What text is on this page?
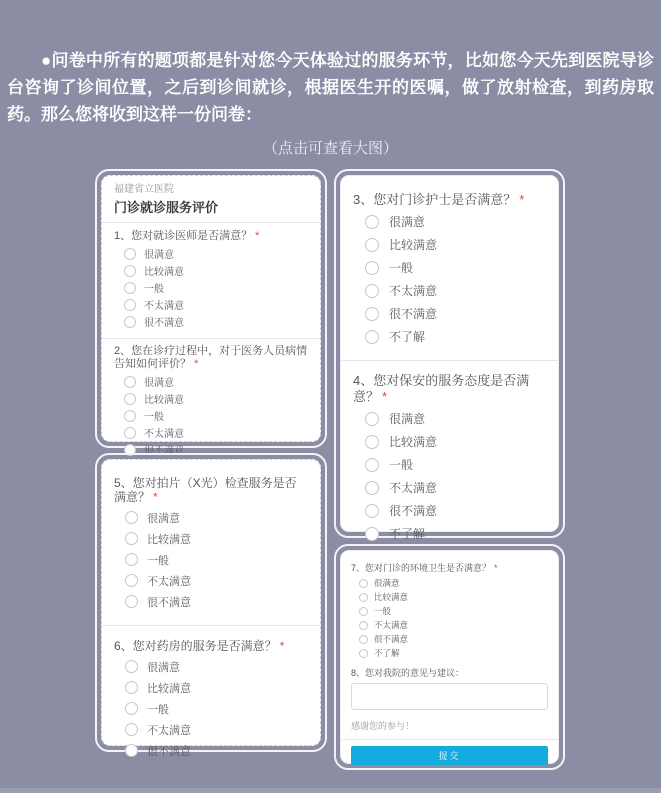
●问卷中所有的题项都是针对您今天体验过的服务环节，比如您今天先到医院导诊台咨询了诊间位置，之后到诊间就诊，根据医生开的医嘱，做了放射检查，到药房取药。那么您将收到这样一份问卷：

（点击可查看大图）
福建省立医院
门诊就诊服务评价
1、您对就诊医师是否满意？ *
很满意
比较满意
一般
不太满意
很不满意
2、您在诊疗过程中，对于医务人员病情告知如何评价？ *
很满意
比较满意
一般
不太满意
很不满意
3、您对门诊护士是否满意？ *
很满意
比较满意
一般
不太满意
很不满意
不了解
4、您对保安的服务态度是否满意？ *
很满意
比较满意
一般
不太满意
很不满意
不了解
5、您对拍片（X光）检查服务是否满意？ *
很满意
比较满意
一般
不太满意
很不满意
6、您对药房的服务是否满意？ *
很满意
比较满意
一般
不太满意
很不满意
7、您对门诊的环境卫生是否满意？ *
很满意
比较满意
一般
不太满意
很不满意
不了解
8、您对我院的意见与建议：
感谢您的参与！
提交
